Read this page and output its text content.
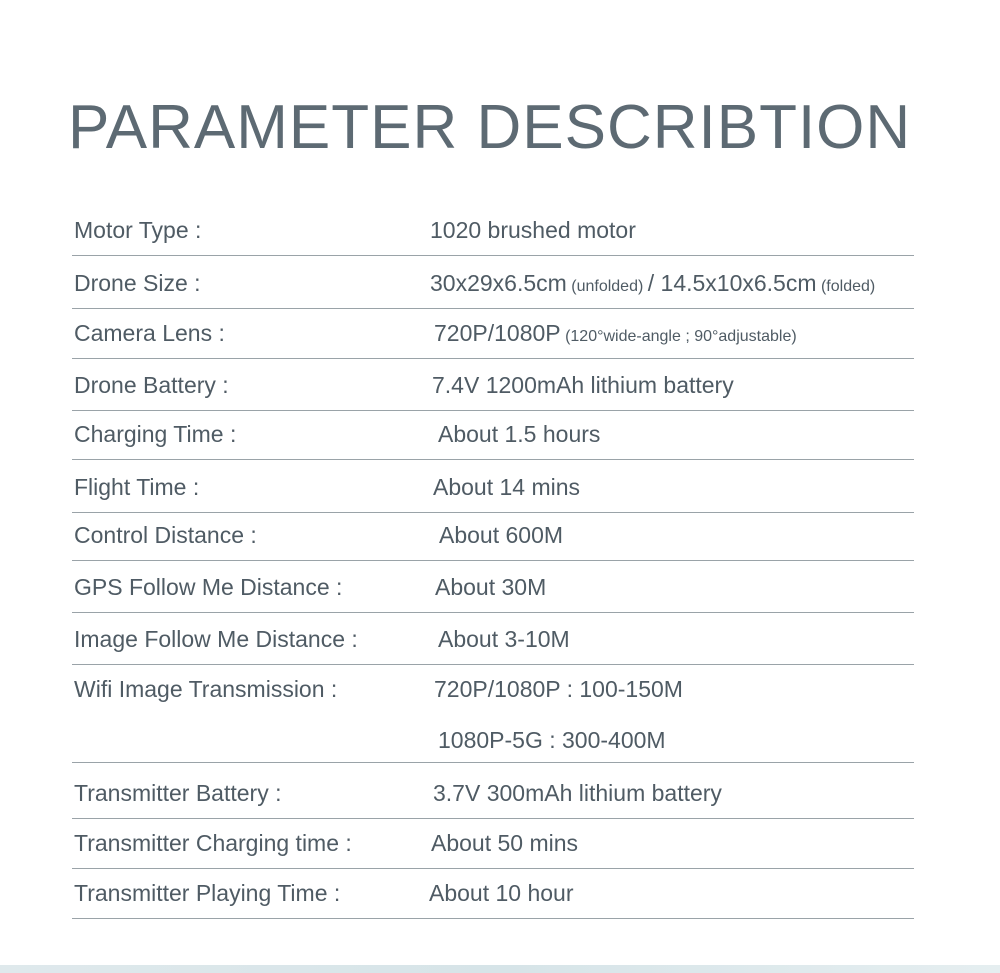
PARAMETER DESCRIBTION
Motor Type :	1020 brushed motor
Drone Size :	30x29x6.5cm (unfolded) / 14.5x10x6.5cm (folded)
Camera Lens :	720P/1080P (120°wide-angle ; 90°adjustable)
Drone Battery :	7.4V 1200mAh lithium battery
Charging Time :	About 1.5 hours
Flight Time :	About 14 mins
Control Distance :	About 600M
GPS Follow Me Distance :	About 30M
Image Follow Me Distance :	About 3-10M
Wifi Image Transmission :	720P/1080P : 100-150M
1080P-5G : 300-400M
Transmitter Battery :	3.7V 300mAh lithium battery
Transmitter Charging time :	About 50 mins
Transmitter Playing Time :	About 10 hour
